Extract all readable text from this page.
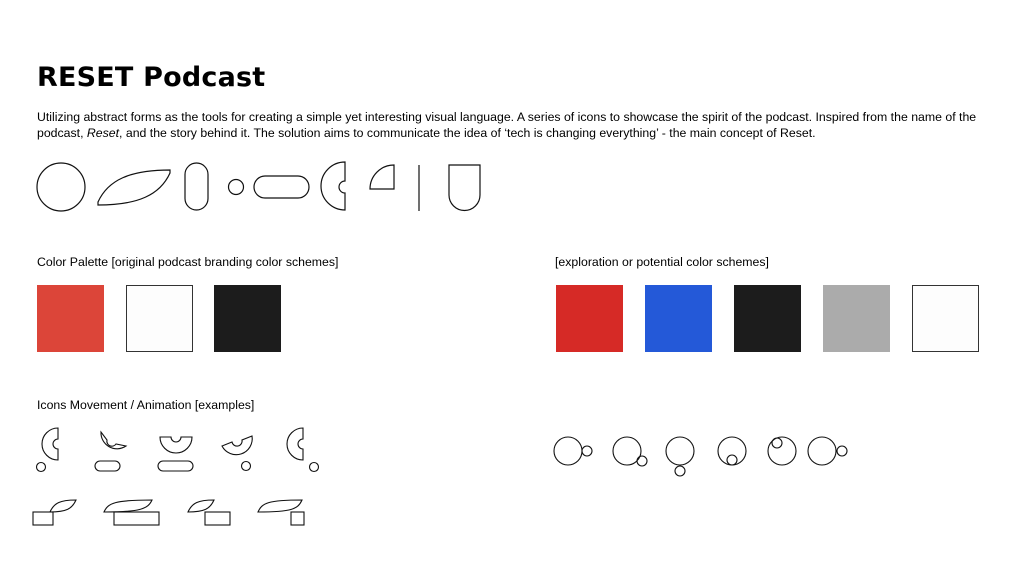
RESET Podcast

Utilizing abstract forms as the tools for creating a simple yet interesting visual language. A series of icons to showcase the spirit of the podcast. Inspired from the name of the podcast, Reset, and the story behind it. The solution aims to communicate the idea of ‘tech is changing everything’ - the main concept of Reset.

Color Palette [original podcast branding color schemes]	[exploration or potential color schemes]

Icons Movement / Animation [examples]
